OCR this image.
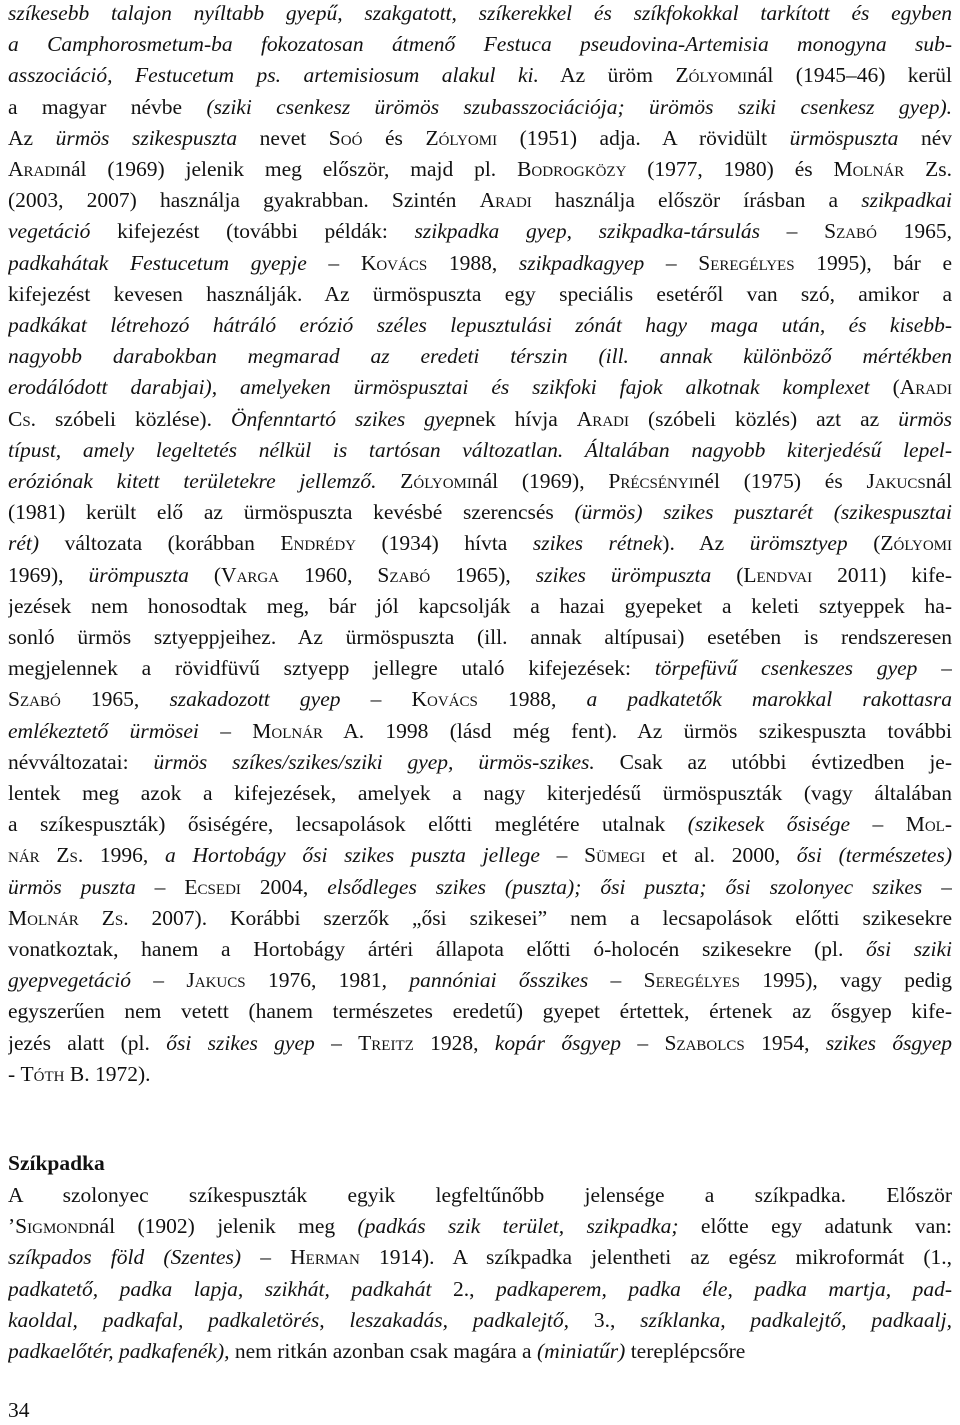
szíkesebb talajon nyíltabb gyepű, szakgatott, szíkerekkel és szíkfokokkal tarkított és egyben
a Camphorosmetum-ba fokozatosan átmenő Festuca pseudovina-Artemisia monogyna sub-
asszociáció, Festucetum ps. artemisiosum alakul ki. Az üröm Zólyominál (1945–46) kerül
a magyar névbe (sziki csenkesz ürömös szubasszociációja; ürömös sziki csenkesz gyep).
Az ürmös szikespuszta nevet Soó és Zólyomi (1951) adja. A rövidült ürmöspuszta név
Aradinál (1969) jelenik meg először, majd pl. Bodrogközy (1977, 1980) és Molnár Zs.
(2003, 2007) használja gyakrabban. Szintén Aradi használja először írásban a szikpadkai
vegetáció kifejezést (további példák: szikpadka gyep, szikpadka-társulás – Szabó 1965,
padkahátak Festucetum gyepje – Kovács 1988, szikpadkagyep – Seregélyes 1995), bár e
kifejezést kevesen használják. Az ürmöspuszta egy speciális esetéről van szó, amikor a
padkákat létrehozó hátráló erózió széles lepusztulási zónát hagy maga után, és kisebb-
nagyobb darabokban megmarad az eredeti térszin (ill. annak különböző mértékben
erodálódott darabjai), amelyeken ürmöspusztai és szikfoki fajok alkotnak komplexet (Aradi
Cs. szóbeli közlése). Önfenntartó szikes gyepnek hívja Aradi (szóbeli közlés) azt az ürmös
típust, amely legeltetés nélkül is tartósan változatlan. Általában nagyobb kiterjedésű lepel-
eróziónak kitett területekre jellemző. Zólyominál (1969), Précsényinél (1975) és Jakucsnál
(1981) került elő az ürmöspuszta kevésbé szerencsés (ürmös) szikes pusztarét (szikespusztai
rét) változata (korábban Endrédy (1934) hívta szikes rétnek). Az ürömsztyep (Zólyomi
1969), ürömpuszta (Varga 1960, Szabó 1965), szikes ürömpuszta (Lendvai 2011) kife-
jezések nem honosodtak meg, bár jól kapcsolják a hazai gyepeket a keleti sztyeppek ha-
sonló ürmös sztyeppjeihez. Az ürmöspuszta (ill. annak altípusai) esetében is rendszeresen
megjelennek a rövidfüvű sztyepp jellegre utaló kifejezések: törpefüvű csenkeszes gyep –
Szabó 1965, szakadozott gyep – Kovács 1988, a padkatetők marokkal rakottasra
emlékeztető ürmösei – Molnár A. 1998 (lásd még fent). Az ürmös szikespuszta további
névváltozatai: ürmös szíkes/szikes/sziki gyep, ürmös-szikes. Csak az utóbbi évtizedben je-
lentek meg azok a kifejezések, amelyek a nagy kiterjedésű ürmöspuszták (vagy általában
a szíkespuszták) ősiségére, lecsapolások előtti meglétére utalnak (szikesek ősisége – Mol-
nár Zs. 1996, a Hortobágy ősi szikes puszta jellege – Sümegi et al. 2000, ősi (természetes)
ürmös puszta – Ecsedi 2004, elsődleges szikes (puszta); ősi puszta; ősi szolonyec szikes –
Molnár Zs. 2007). Korábbi szerzők „ősi szikesei” nem a lecsapolások előtti szikesekre
vonatkoztak, hanem a Hortobágy ártéri állapota előtti ó-holocén szikesekre (pl. ősi sziki
gyepvegetáció – Jakucs 1976, 1981, pannóniai ősszikes – Seregélyes 1995), vagy pedig
egyszerűen nem vetett (hanem természetes eredetű) gyepet értettek, értenek az ősgyep kife-
jezés alatt (pl. ősi szikes gyep – Treitz 1928, kopár ősgyep – Szabolcs 1954, szikes ősgyep
- Tóth B. 1972).
Szíkpadka
A szolonyec szíkespuszták egyik legfeltűnőbb jelensége a szíkpadka. Először
’Sigmondnál (1902) jelenik meg (padkás szik terület, szikpadka; előtte egy adatunk van:
szíkpados föld (Szentes) – Herman 1914). A szíkpadka jelentheti az egész mikroformát (1.,
padkatető, padka lapja, szikhát, padkahát 2., padkaperem, padka éle, padka martja, pad-
kaoldal, padkafal, padkaletörés, leszakadás, padkalejtő, 3., szíklanka, padkalejtő, padkaalj,
padkaelőtér, padkafenék), nem ritkán azonban csak magára a (miniatűr) tereplépcsőre
34
